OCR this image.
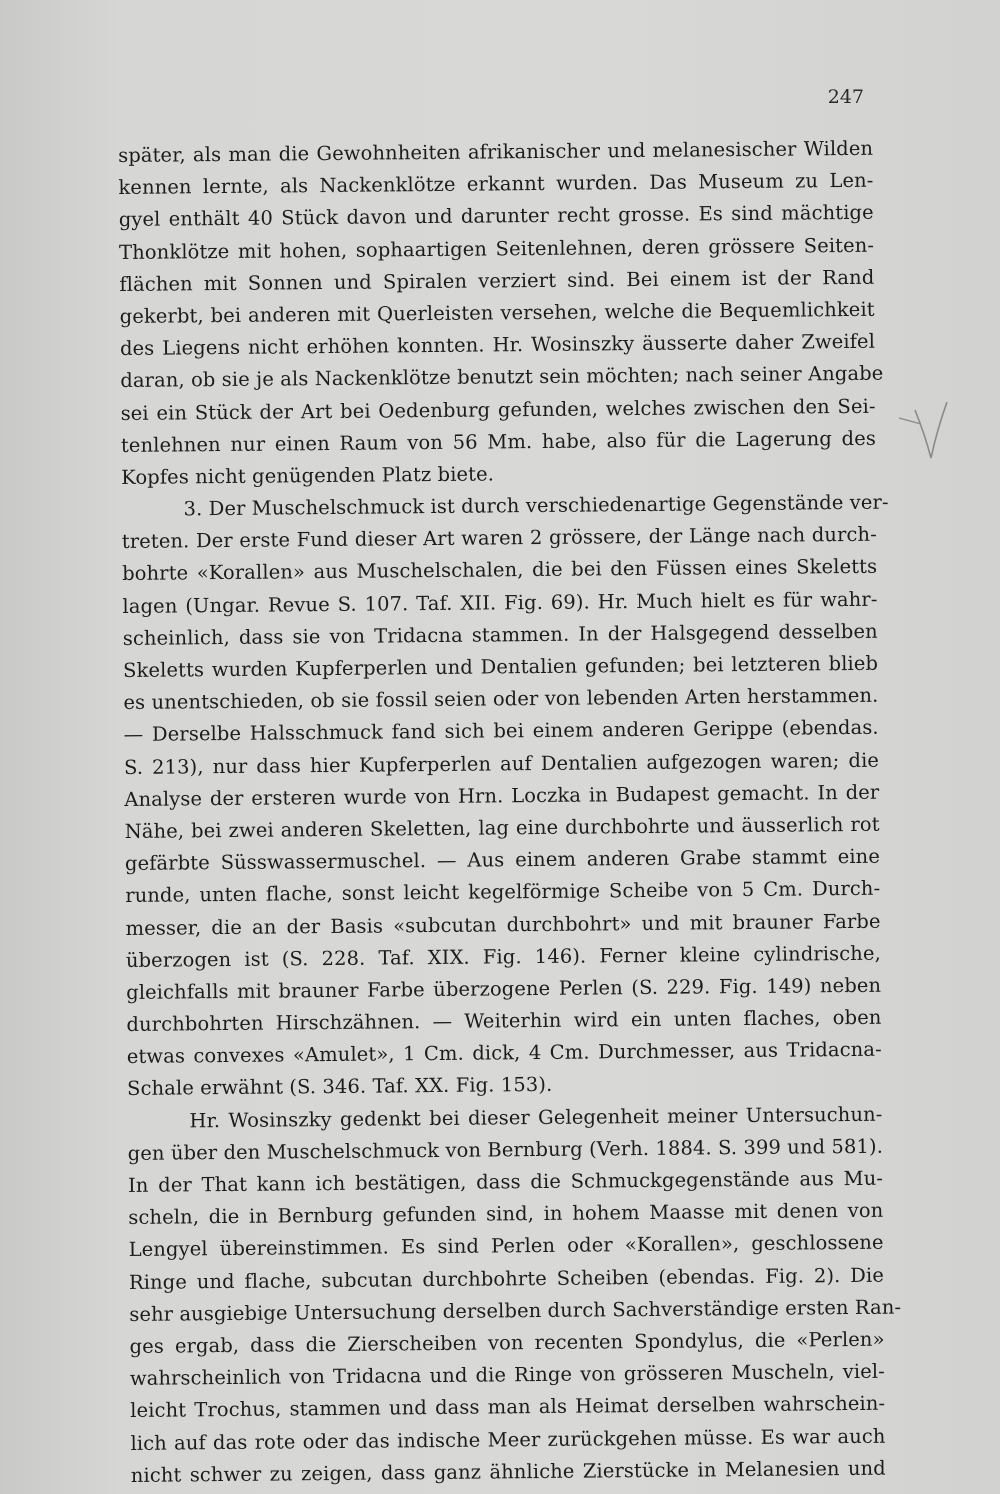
247
später, als man die Gewohnheiten afrikanischer und melanesischer Wilden
kennen lernte, als Nackenklötze erkannt wurden. Das Museum zu Len-
gyel enthält 40 Stück davon und darunter recht grosse. Es sind mächtige
Thonklötze mit hohen, sophaartigen Seitenlehnen, deren grössere Seiten-
flächen mit Sonnen und Spiralen verziert sind. Bei einem ist der Rand
gekerbt, bei anderen mit Querleisten versehen, welche die Bequemlichkeit
des Liegens nicht erhöhen konnten. Hr. Wosinszky äusserte daher Zweifel
daran, ob sie je als Nackenklötze benutzt sein möchten; nach seiner Angabe
sei ein Stück der Art bei Oedenburg gefunden, welches zwischen den Sei-
tenlehnen nur einen Raum von 56 Mm. habe, also für die Lagerung des
Kopfes nicht genügenden Platz biete.
3. Der Muschelschmuck ist durch verschiedenartige Gegenstände ver-
treten. Der erste Fund dieser Art waren 2 grössere, der Länge nach durch-
bohrte «Korallen» aus Muschelschalen, die bei den Füssen eines Skeletts
lagen (Ungar. Revue S. 107. Taf. XII. Fig. 69). Hr. Much hielt es für wahr-
scheinlich, dass sie von Tridacna stammen. In der Halsgegend desselben
Skeletts wurden Kupferperlen und Dentalien gefunden; bei letzteren blieb
es unentschieden, ob sie fossil seien oder von lebenden Arten herstammen.
— Derselbe Halsschmuck fand sich bei einem anderen Gerippe (ebendas.
S. 213), nur dass hier Kupferperlen auf Dentalien aufgezogen waren; die
Analyse der ersteren wurde von Hrn. Loczka in Budapest gemacht. In der
Nähe, bei zwei anderen Skeletten, lag eine durchbohrte und äusserlich rot
gefärbte Süsswassermuschel. — Aus einem anderen Grabe stammt eine
runde, unten flache, sonst leicht kegelförmige Scheibe von 5 Cm. Durch-
messer, die an der Basis «subcutan durchbohrt» und mit brauner Farbe
überzogen ist (S. 228. Taf. XIX. Fig. 146). Ferner kleine cylindrische,
gleichfalls mit brauner Farbe überzogene Perlen (S. 229. Fig. 149) neben
durchbohrten Hirschzähnen. — Weiterhin wird ein unten flaches, oben
etwas convexes «Amulet», 1 Cm. dick, 4 Cm. Durchmesser, aus Tridacna-
Schale erwähnt (S. 346. Taf. XX. Fig. 153).
Hr. Wosinszky gedenkt bei dieser Gelegenheit meiner Untersuchun-
gen über den Muschelschmuck von Bernburg (Verh. 1884. S. 399 und 581).
In der That kann ich bestätigen, dass die Schmuckgegenstände aus Mu-
scheln, die in Bernburg gefunden sind, in hohem Maasse mit denen von
Lengyel übereinstimmen. Es sind Perlen oder «Korallen», geschlossene
Ringe und flache, subcutan durchbohrte Scheiben (ebendas. Fig. 2). Die
sehr ausgiebige Untersuchung derselben durch Sachverständige ersten Ran-
ges ergab, dass die Zierscheiben von recenten Spondylus, die «Perlen»
wahrscheinlich von Tridacna und die Ringe von grösseren Muscheln, viel-
leicht Trochus, stammen und dass man als Heimat derselben wahrschein-
lich auf das rote oder das indische Meer zurückgehen müsse. Es war auch
nicht schwer zu zeigen, dass ganz ähnliche Zierstücke in Melanesien und
